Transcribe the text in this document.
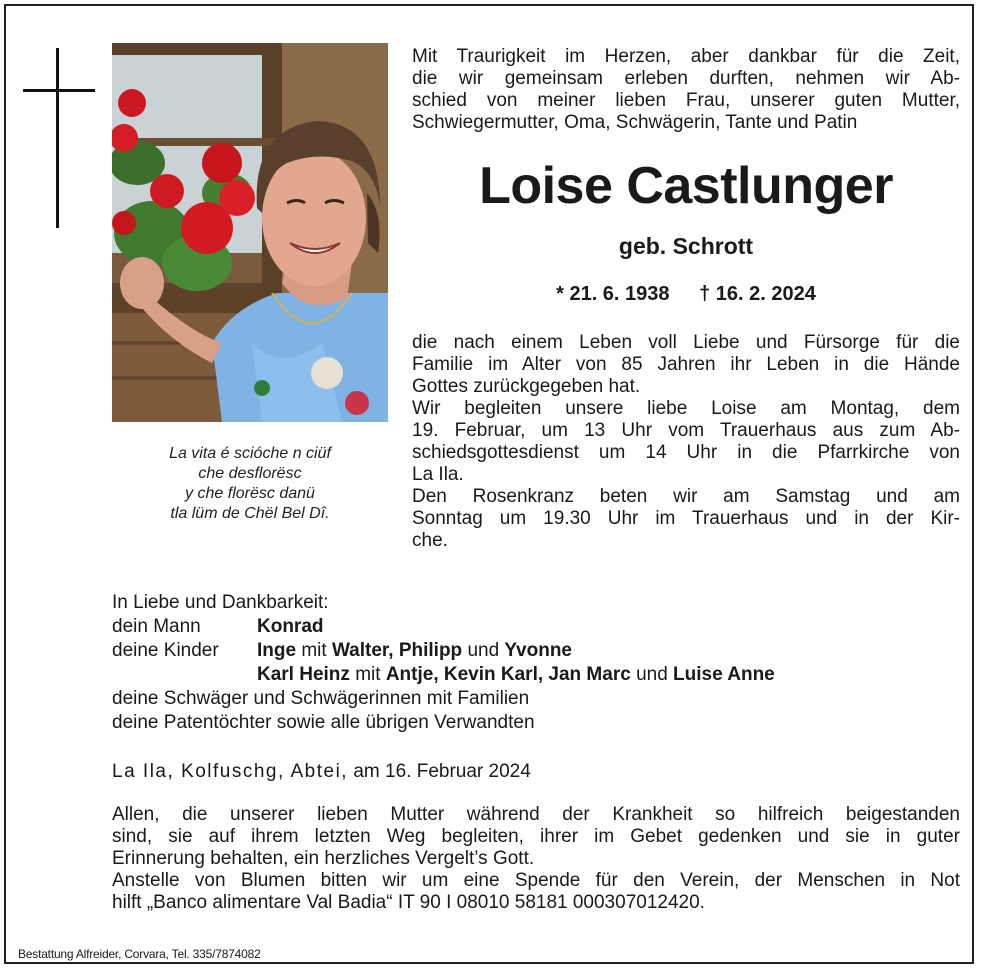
La vita é scióche n ciüf
che desflorësc
y che florësc danü
tla lüm de Chël Bel Dî.
Mit Traurigkeit im Herzen, aber dankbar für die Zeit,
die wir gemeinsam erleben durften, nehmen wir Ab-
schied von meiner lieben Frau, unserer guten Mutter,
Schwiegermutter, Oma, Schwägerin, Tante und Patin
Loise Castlunger
geb. Schrott
* 21. 6. 1938 † 16. 2. 2024
die nach einem Leben voll Liebe und Fürsorge für die
Familie im Alter von 85 Jahren ihr Leben in die Hände
Gottes zurückgegeben hat.
Wir begleiten unsere liebe Loise am Montag, dem
19. Februar, um 13 Uhr vom Trauerhaus aus zum Ab-
schiedsgottesdienst um 14 Uhr in die Pfarrkirche von
La Ila.
Den Rosenkranz beten wir am Samstag und am
Sonntag um 19.30 Uhr im Trauerhaus und in der Kir-
che.
In Liebe und Dankbarkeit:
dein Mann	Konrad
deine Kinder	Inge mit Walter, Philipp und Yvonne
Karl Heinz mit Antje, Kevin Karl, Jan Marc und Luise Anne
deine Schwäger und Schwägerinnen mit Familien
deine Patentöchter sowie alle übrigen Verwandten
La Ila, Kolfuschg, Abtei, am 16. Februar 2024
Allen, die unserer lieben Mutter während der Krankheit so hilfreich beigestanden
sind, sie auf ihrem letzten Weg begleiten, ihrer im Gebet gedenken und sie in guter
Erinnerung behalten, ein herzliches Vergelt’s Gott.
Anstelle von Blumen bitten wir um eine Spende für den Verein, der Menschen in Not
hilft „Banco alimentare Val Badia“ IT 90 I 08010 58181 000307012420.
Bestattung Alfreider, Corvara, Tel. 335/7874082
